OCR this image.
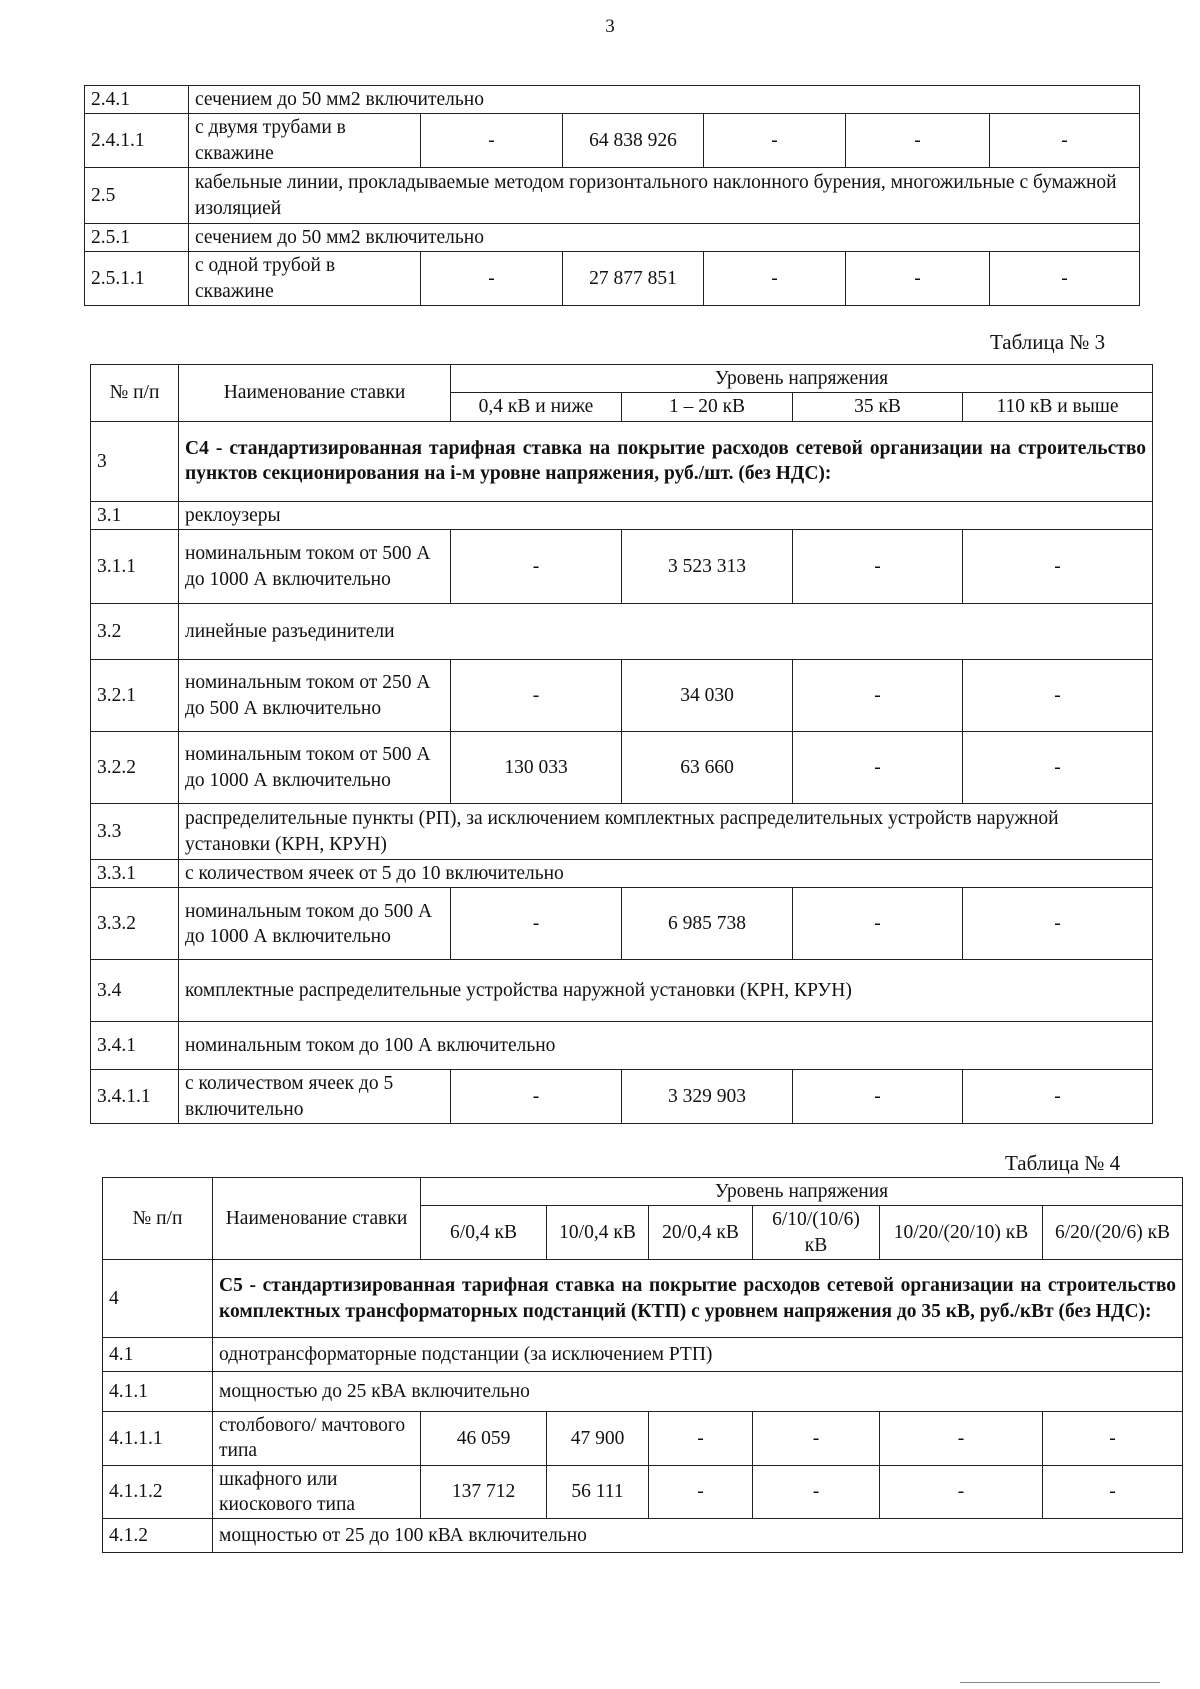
3
2.4.1	сечением до 50 мм2 включительно					
2.4.1.1	с двумя трубами в скважине	-	64 838 926	-	-	-
2.5	кабельные линии, прокладываемые методом горизонтального наклонного бурения, многожильные с бумажной изоляцией					
2.5.1	сечением до 50 мм2 включительно					
2.5.1.1	с одной трубой в скважине	-	27 877 851	-	-	-
Таблица № 3
№ п/п	Наименование ставки	Уровень напряжения			
		0,4 кВ и ниже	1 – 20 кВ	35 кВ	110 кВ и выше
3	С4 - стандартизированная тарифная ставка на покрытие расходов сетевой организации на строительство пунктов секционирования на i-м уровне напряжения, руб./шт. (без НДС):				
3.1	реклоузеры				
3.1.1	номинальным током от 500 А до 1000 А включительно	-	3 523 313	-	-
3.2	линейные разъединители				
3.2.1	номинальным током от 250 А до 500 А включительно	-	34 030	-	-
3.2.2	номинальным током от 500 А до 1000 А включительно	130 033	63 660	-	-
3.3	распределительные пункты (РП), за исключением комплектных распределительных устройств наружной установки (КРН, КРУН)				
3.3.1	с количеством ячеек от 5 до 10 включительно				
3.3.2	номинальным током до 500 А до 1000 А включительно	-	6 985 738	-	-
3.4	комплектные распределительные устройства наружной установки (КРН, КРУН)				
3.4.1	номинальным током до 100 А включительно				
3.4.1.1	с количеством ячеек до 5 включительно	-	3 329 903	-	-
Таблица № 4
№ п/п	Наименование ставки	Уровень напряжения					
		6/0,4 кВ	10/0,4 кВ	20/0,4 кВ	6/10/(10/6) кВ	10/20/(20/10) кВ	6/20/(20/6) кВ
4	С5 - стандартизированная тарифная ставка на покрытие расходов сетевой организации на строительство комплектных трансформаторных подстанций (КТП) с уровнем напряжения до 35 кВ, руб./кВт (без НДС):						
4.1	однотрансформаторные подстанции (за исключением РТП)						
4.1.1	мощностью до 25 кВА включительно						
4.1.1.1	столбового/ мачтового типа	46 059	47 900	-	-	-	-
4.1.1.2	шкафного или киоскового типа	137 712	56 111	-	-	-	-
4.1.2	мощностью от 25 до 100 кВА включительно						
